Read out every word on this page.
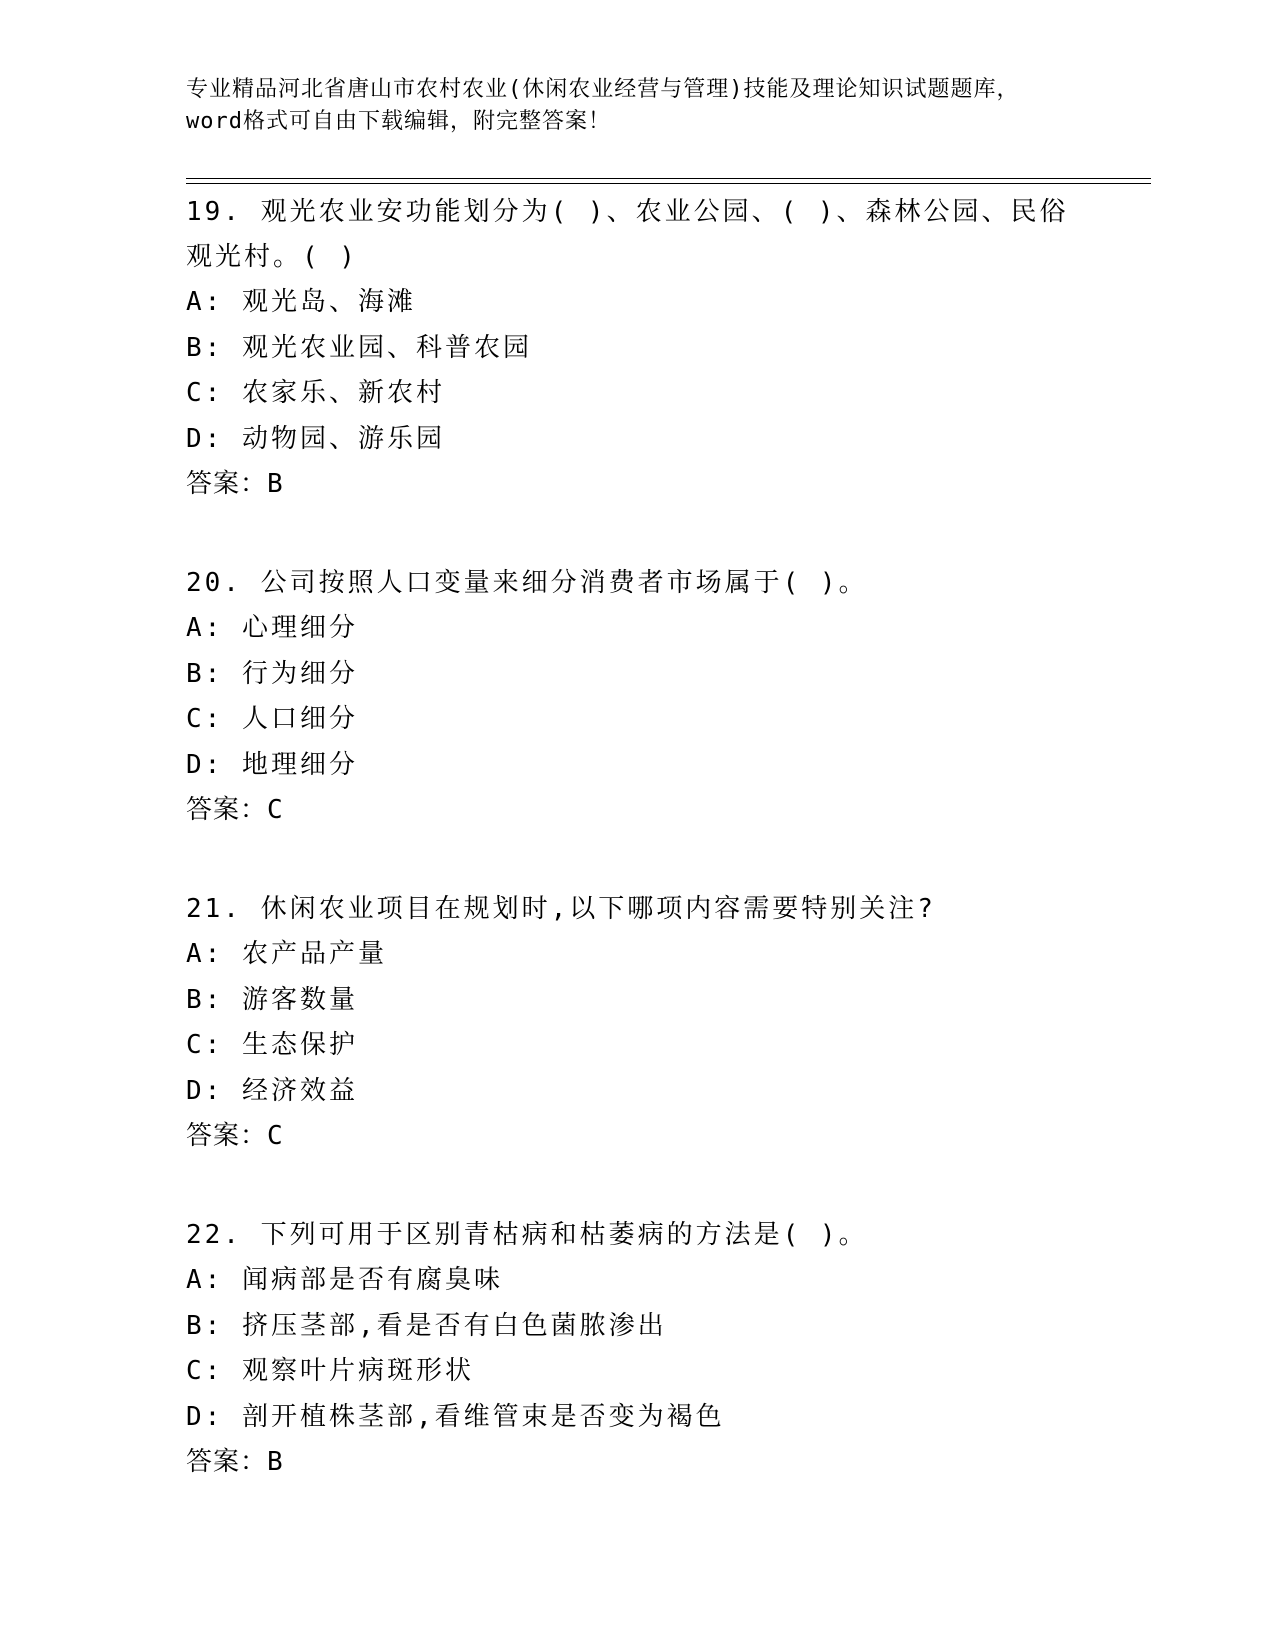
专业精品河北省唐山市农村农业(休闲农业经营与管理)技能及理论知识试题题库，
word格式可自由下载编辑，附完整答案！
19. 观光农业安功能划分为( )、农业公园、( )、森林公园、民俗观光村。( )
A: 观光岛、海滩
B: 观光农业园、科普农园
C: 农家乐、新农村
D: 动物园、游乐园
答案：B
20. 公司按照人口变量来细分消费者市场属于( )。
A: 心理细分
B: 行为细分
C: 人口细分
D: 地理细分
答案：C
21. 休闲农业项目在规划时,以下哪项内容需要特别关注?
A: 农产品产量
B: 游客数量
C: 生态保护
D: 经济效益
答案：C
22. 下列可用于区别青枯病和枯萎病的方法是( )。
A: 闻病部是否有腐臭味
B: 挤压茎部,看是否有白色菌脓渗出
C: 观察叶片病斑形状
D: 剖开植株茎部,看维管束是否变为褐色
答案：B
